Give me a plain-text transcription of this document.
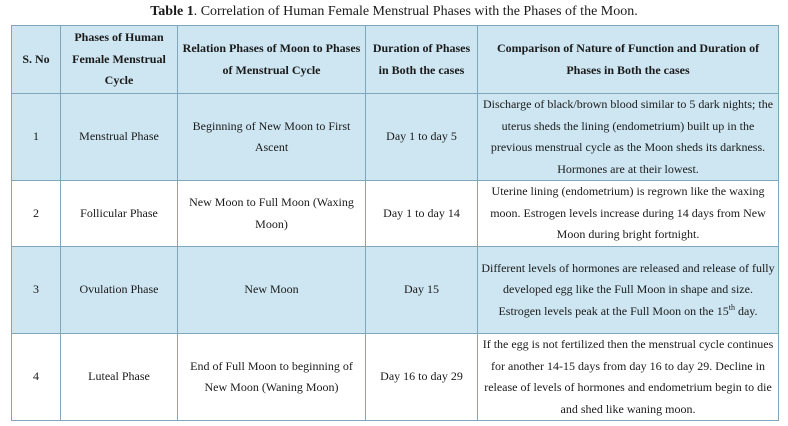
Table 1. Correlation of Human Female Menstrual Phases with the Phases of the Moon.
S. No	Phases of Human Female Menstrual Cycle	Relation Phases of Moon to Phases of Menstrual Cycle	Duration of Phases in Both the cases	Comparison of Nature of Function and Duration of Phases in Both the cases
1	Menstrual Phase	Beginning of New Moon to First Ascent	Day 1 to day 5	Discharge of black/brown blood similar to 5 dark nights; the uterus sheds the lining (endometrium) built up in the previous menstrual cycle as the Moon sheds its darkness. Hormones are at their lowest.
2	Follicular Phase	New Moon to Full Moon (Waxing Moon)	Day 1 to day 14	Uterine lining (endometrium) is regrown like the waxing moon. Estrogen levels increase during 14 days from New Moon during bright fortnight.
3	Ovulation Phase	New Moon	Day 15	Different levels of hormones are released and release of fully developed egg like the Full Moon in shape and size. Estrogen levels peak at the Full Moon on the 15th day.
4	Luteal Phase	End of Full Moon to beginning of New Moon (Waning Moon)	Day 16 to day 29	If the egg is not fertilized then the menstrual cycle continues for another 14-15 days from day 16 to day 29. Decline in release of levels of hormones and endometrium begin to die and shed like waning moon.
